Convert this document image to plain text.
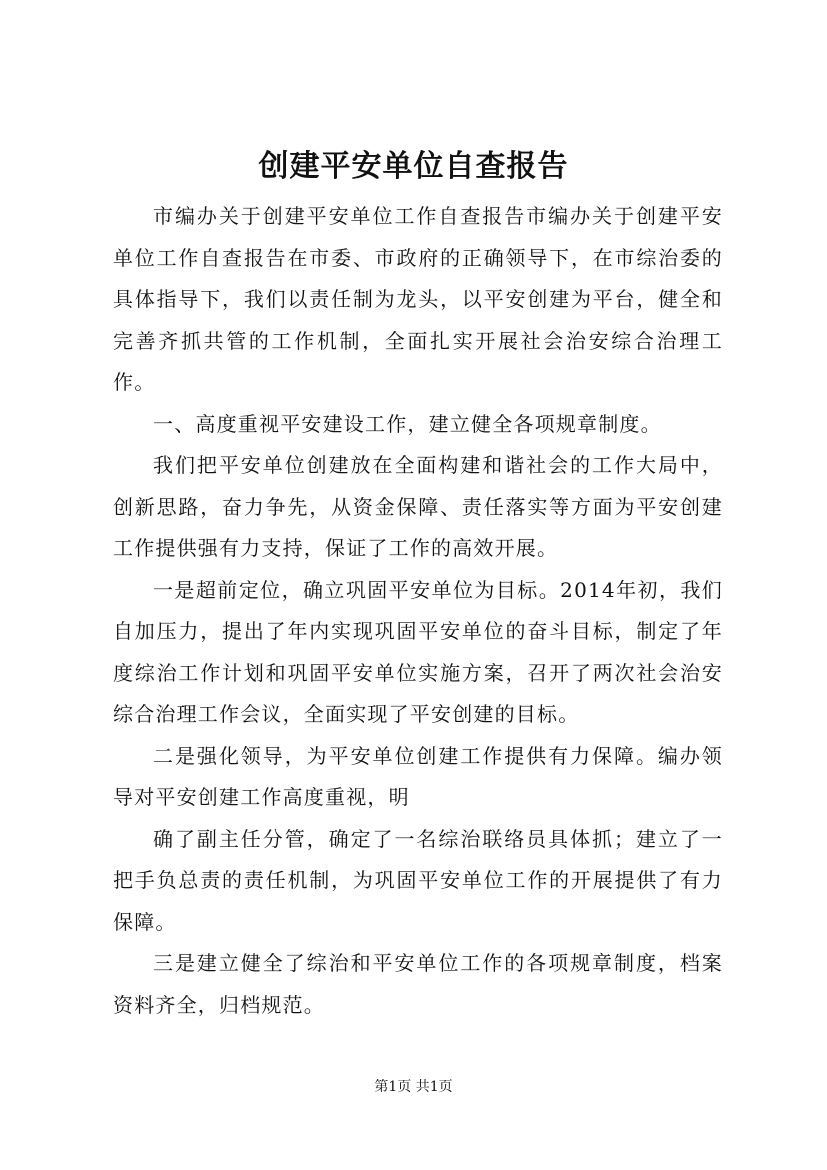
创建平安单位自查报告

市编办关于创建平安单位工作自查报告市编办关于创建平安单位工作自查报告在市委、市政府的正确领导下，在市综治委的具体指导下，我们以责任制为龙头，以平安创建为平台，健全和完善齐抓共管的工作机制，全面扎实开展社会治安综合治理工作。

一、高度重视平安建设工作，建立健全各项规章制度。

我们把平安单位创建放在全面构建和谐社会的工作大局中，创新思路，奋力争先，从资金保障、责任落实等方面为平安创建工作提供强有力支持，保证了工作的高效开展。

一是超前定位，确立巩固平安单位为目标。2014年初，我们自加压力，提出了年内实现巩固平安单位的奋斗目标，制定了年度综治工作计划和巩固平安单位实施方案，召开了两次社会治安综合治理工作会议，全面实现了平安创建的目标。

二是强化领导，为平安单位创建工作提供有力保障。编办领导对平安创建工作高度重视，明

确了副主任分管，确定了一名综治联络员具体抓；建立了一把手负总责的责任机制，为巩固平安单位工作的开展提供了有力保障。

三是建立健全了综治和平安单位工作的各项规章制度，档案资料齐全，归档规范。

第1页 共1页
